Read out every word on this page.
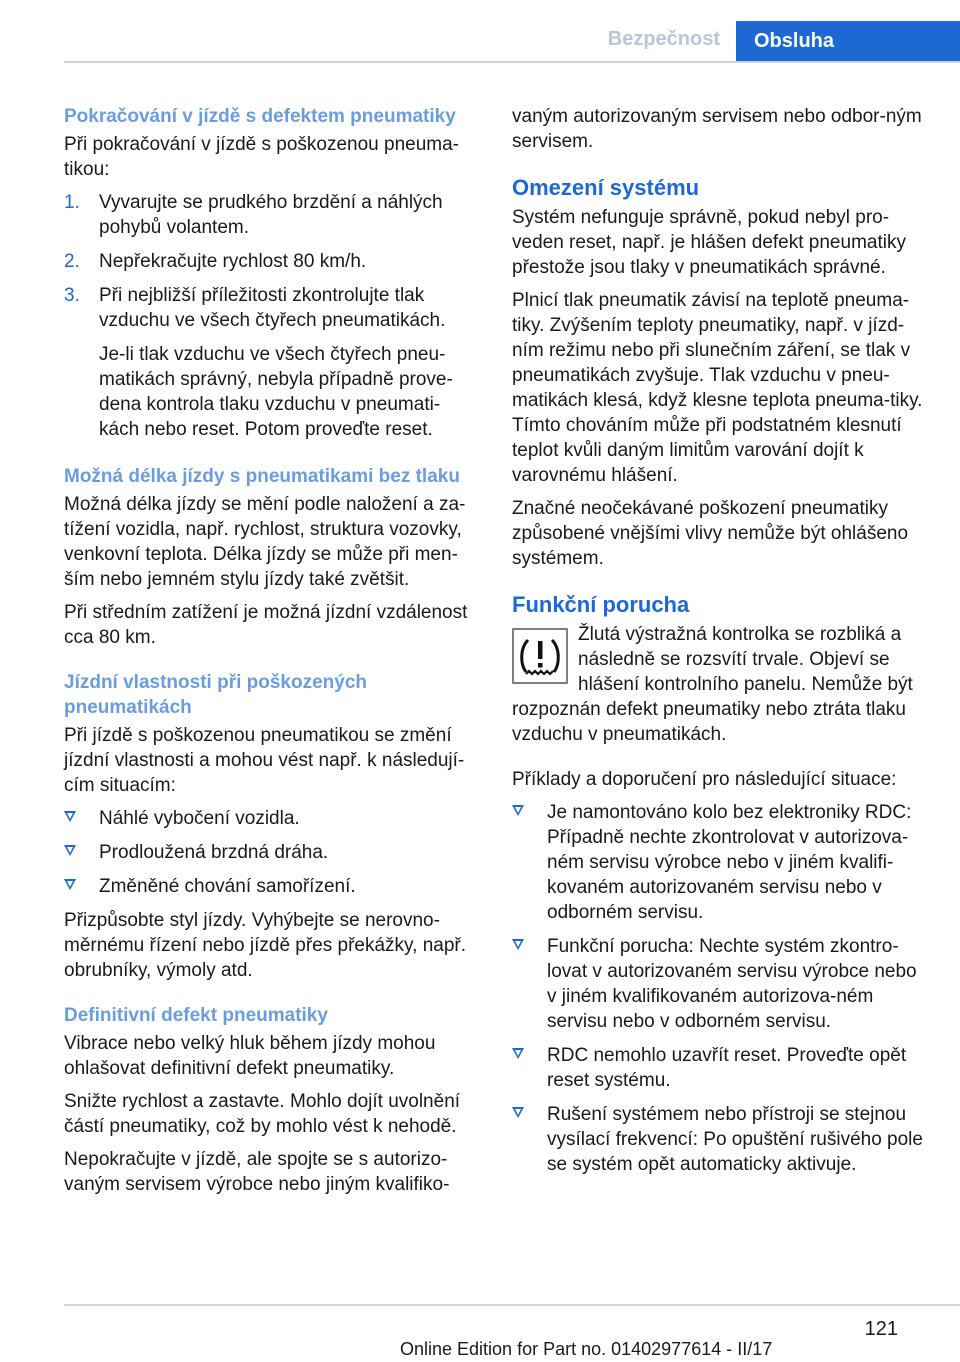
Bezpečnost	Obsluha
Pokračování v jízdě s defektem pneumatiky
Při pokračování v jízdě s poškozenou pneuma‐tikou:
1. Vyvarujte se prudkého brzdění a náhlých pohybů volantem.
2. Nepřekračujte rychlost 80 km/h.
3. Při nejbližší příležitosti zkontrolujte tlak vzduchu ve všech čtyřech pneumatikách.
Je-li tlak vzduchu ve všech čtyřech pneu‐matikách správný, nebyla případně prove‐dena kontrola tlaku vzduchu v pneumati‐kách nebo reset. Potom proveďte reset.
Možná délka jízdy s pneumatikami bez tlaku
Možná délka jízdy se mění podle naložení a za‐tížení vozidla, např. rychlost, struktura vozovky, venkovní teplota. Délka jízdy se může při men‐ším nebo jemném stylu jízdy také zvětšit.
Při středním zatížení je možná jízdní vzdálenost cca 80 km.
Jízdní vlastnosti při poškozených pneumatikách
Při jízdě s poškozenou pneumatikou se změní jízdní vlastnosti a mohou vést např. k následují‐cím situacím:
Náhlé vybočení vozidla.
Prodloužená brzdná dráha.
Změněné chování samořízení.
Přizpůsobte styl jízdy. Vyhýbejte se nerovno‐měrnému řízení nebo jízdě přes překážky, např. obrubníky, výmoly atd.
Definitivní defekt pneumatiky
Vibrace nebo velký hluk během jízdy mohou ohlašovat definitivní defekt pneumatiky.
Snižte rychlost a zastavte. Mohlo dojít uvolnění částí pneumatiky, což by mohlo vést k nehodě.
Nepokračujte v jízdě, ale spojte se s autorizo‐vaným servisem výrobce nebo jiným kvalifiko‐
vaným autorizovaným servisem nebo odbor‐ným servisem.
Omezení systému
Systém nefunguje správně, pokud nebyl pro‐veden reset, např. je hlášen defekt pneumatiky přestože jsou tlaky v pneumatikách správné.
Plnicí tlak pneumatik závisí na teplotě pneuma‐tiky. Zvýšením teploty pneumatiky, např. v jízd‐ním režimu nebo při slunečním záření, se tlak v pneumatikách zvyšuje. Tlak vzduchu v pneu‐matikách klesá, když klesne teplota pneuma‐tiky. Tímto chováním může při podstatném klesnutí teplot kvůli daným limitům varování dojít k varovnému hlášení.
Značné neočekávané poškození pneumatiky způsobené vnějšími vlivy nemůže být ohlášeno systémem.
Funkční porucha
Žlutá výstražná kontrolka se rozbliká a následně se rozsvítí trvale. Objeví se hlášení kontrolního panelu. Nemůže být rozpoznán defekt pneumatiky nebo ztráta tlaku vzduchu v pneumatikách.
Příklady a doporučení pro následující situace:
Je namontováno kolo bez elektroniky RDC: Případně nechte zkontrolovat v autorizova‐ném servisu výrobce nebo v jiném kvalifi‐kovaném autorizovaném servisu nebo v odborném servisu.
Funkční porucha: Nechte systém zkontro‐lovat v autorizovaném servisu výrobce nebo v jiném kvalifikovaném autorizova‐ném servisu nebo v odborném servisu.
RDC nemohlo uzavřít reset. Proveďte opět reset systému.
Rušení systémem nebo přístroji se stejnou vysílací frekvencí: Po opuštění rušivého pole se systém opět automaticky aktivuje.
121
Online Edition for Part no. 01402977614 - II/17
